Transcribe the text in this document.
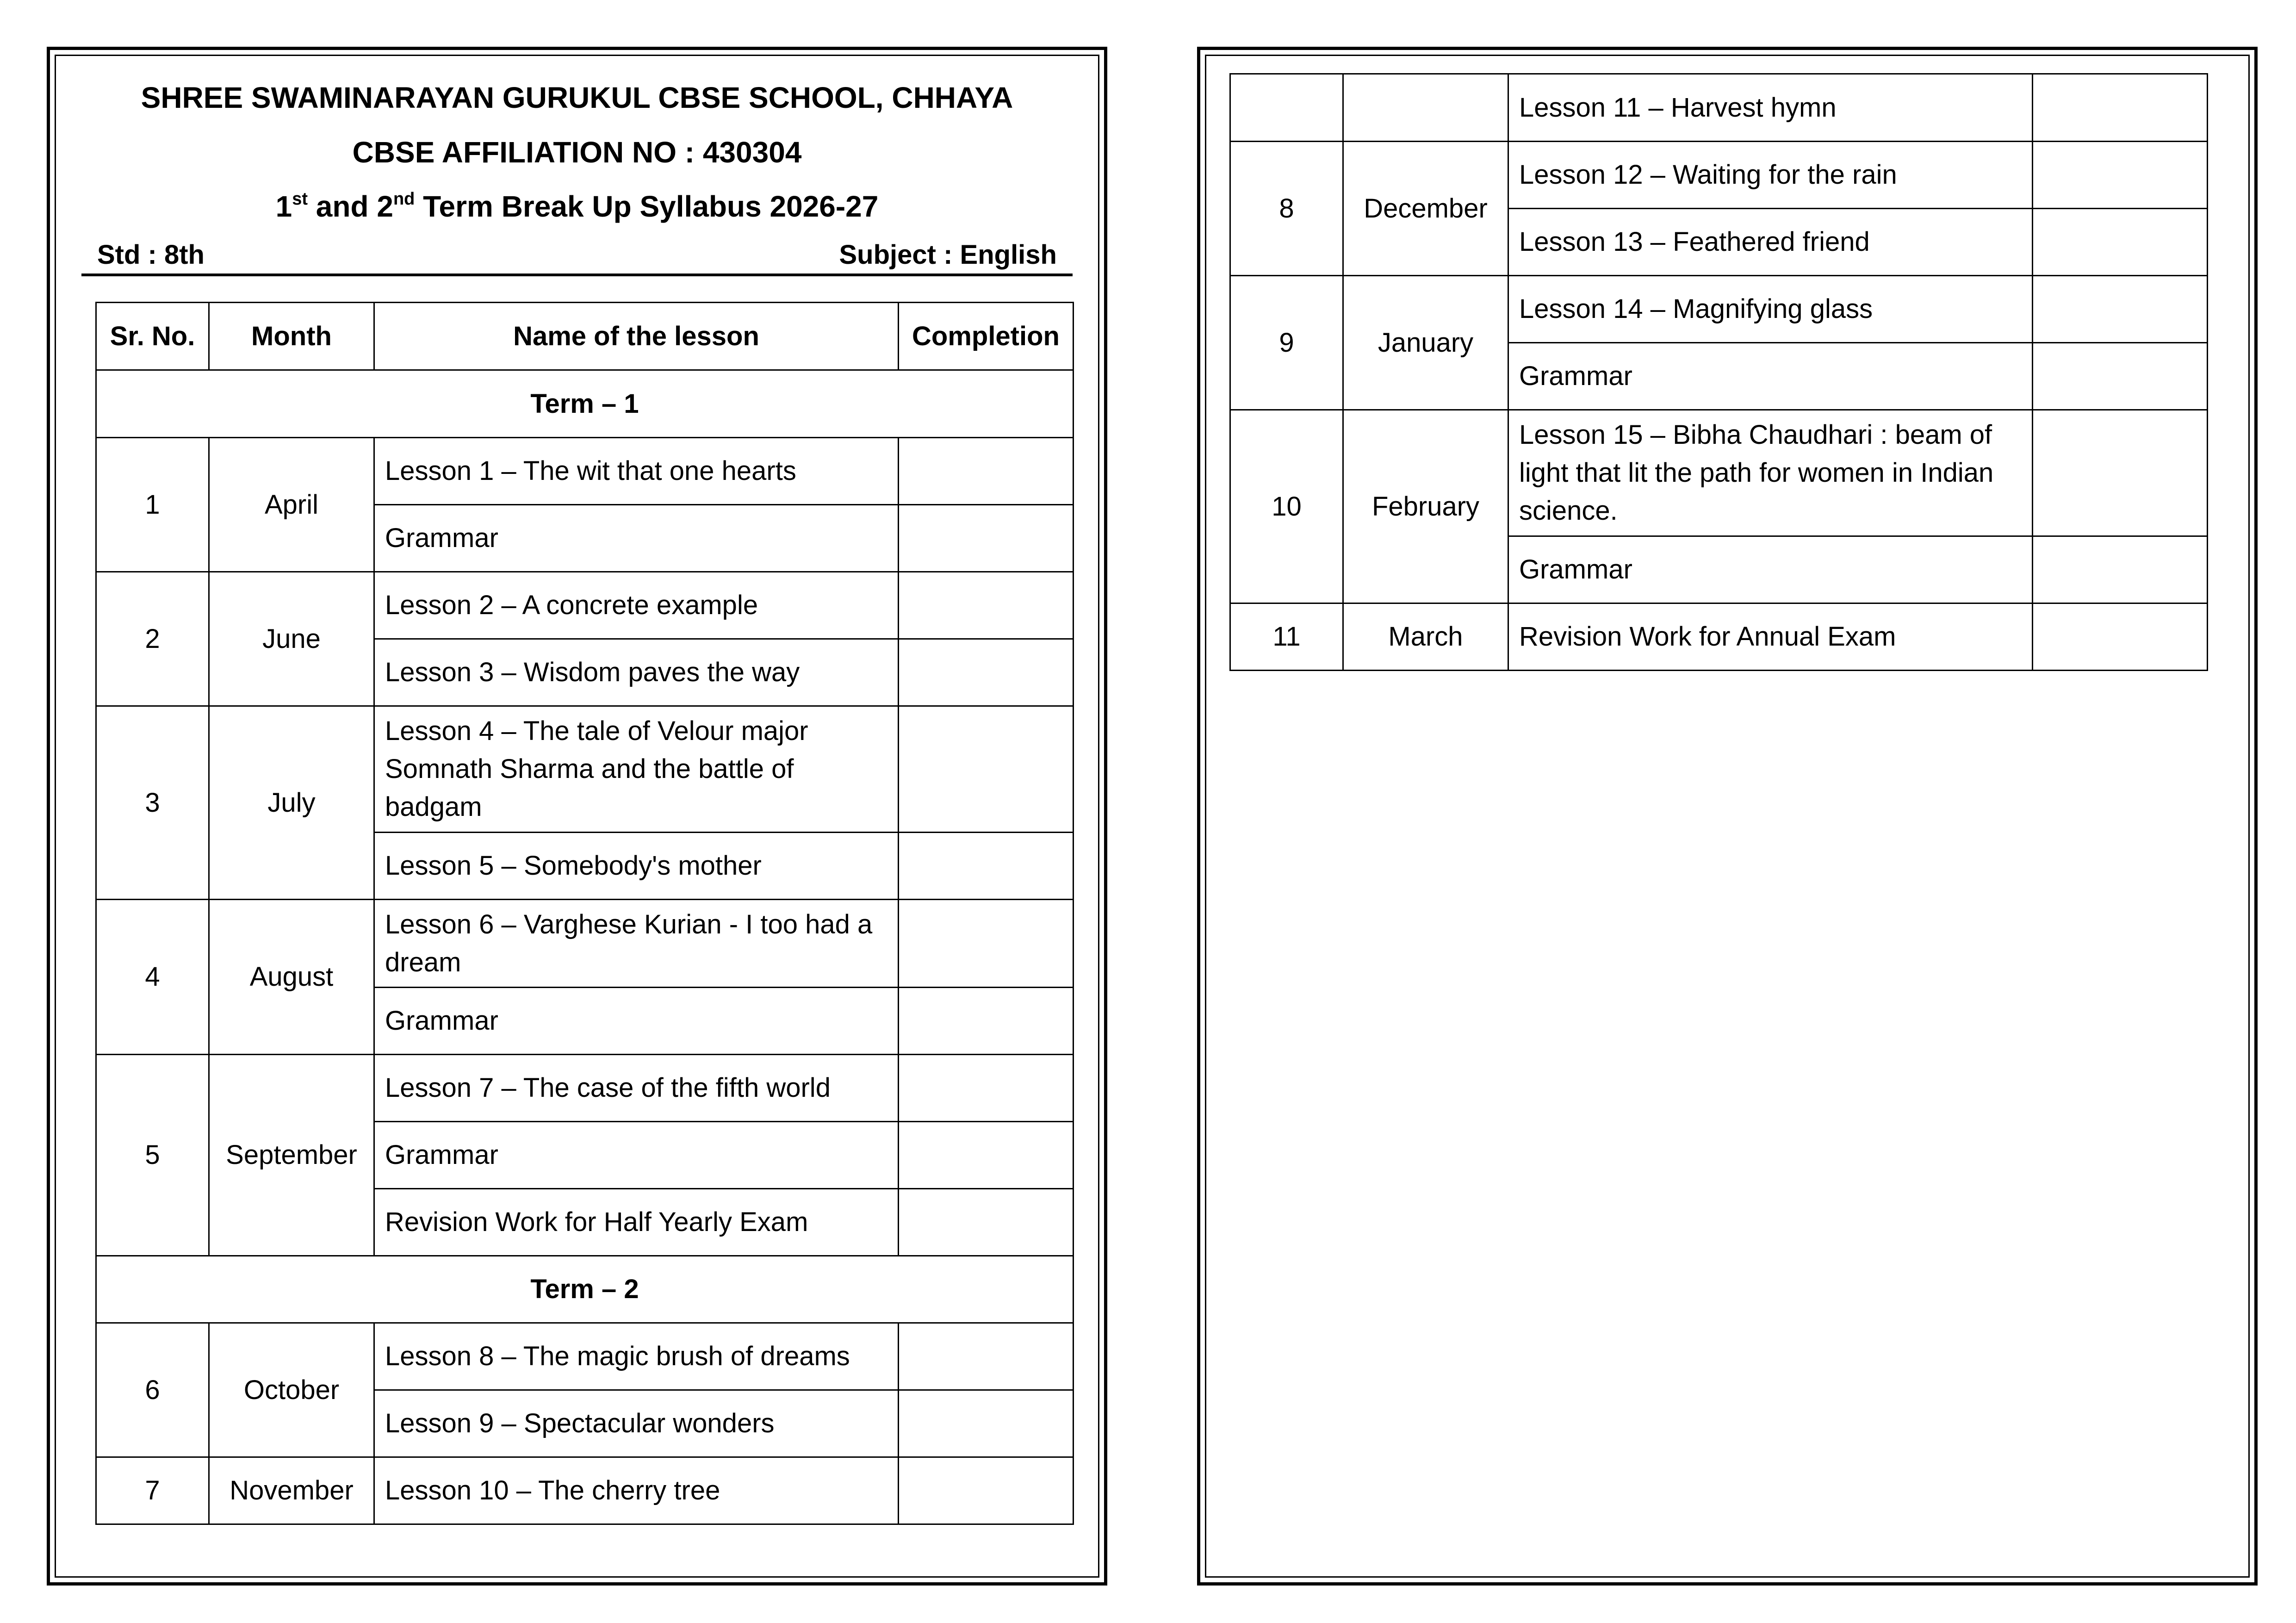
SHREE SWAMINARAYAN GURUKUL CBSE SCHOOL, CHHAYA
CBSE AFFILIATION NO : 430304
1st and 2nd Term Break Up Syllabus 2026-27
Std : 8th	Subject : English
Sr. No.	Month	Name of the lesson	Completion
Term – 1			
1	April	Lesson 1 – The wit that one hearts	
		Grammar	
2	June	Lesson 2 – A concrete example	
		Lesson 3 – Wisdom paves the way	
3	July	Lesson 4 – The tale of Velour major Somnath Sharma and the battle of badgam	
		Lesson 5 – Somebody's mother	
4	August	Lesson 6 – Varghese Kurian - I too had a dream	
		Grammar	
5	September	Lesson 7 – The case of the fifth world	
		Grammar	
		Revision Work for Half Yearly Exam	
Term – 2			
6	October	Lesson 8 – The magic brush of dreams	
		Lesson 9 – Spectacular wonders	
7	November	Lesson 10 – The cherry tree	
		Lesson 11 – Harvest hymn	
8	December	Lesson 12 – Waiting for the rain	
		Lesson 13 – Feathered friend	
9	January	Lesson 14 – Magnifying glass	
		Grammar	
10	February	Lesson 15 – Bibha Chaudhari : beam of light that lit the path for women in Indian science.	
		Grammar	
11	March	Revision Work for Annual Exam	
